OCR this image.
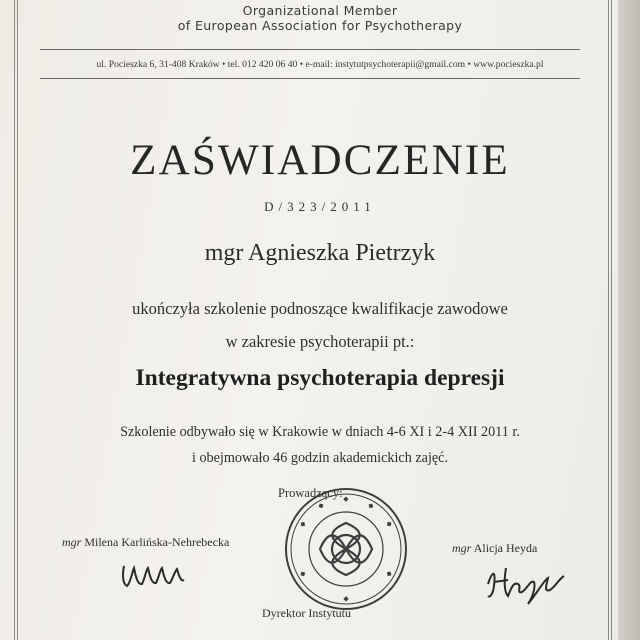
Organizational Member
of European Association for Psychotherapy
ul. Pocieszka 6, 31-408 Kraków • tel. 012 420 06 40 • e-mail: instytutpsychoterapii@gmail.com • www.pocieszka.pl
ZAŚWIADCZENIE
D/323/2011
mgr Agnieszka Pietrzyk
ukończyła szkolenie podnoszące kwalifikacje zawodowe
w zakresie psychoterapii pt.:
Integratywna psychoterapia depresji
Szkolenie odbywało się w Krakowie w dniach 4-6 XI i 2-4 XII 2011 r.
i obejmowało 46 godzin akademickich zajęć.
Prowadzący:
mgr Milena Karlińska-Nehrebecka	mgr Alicja Heyda
◆
◆
◆
◆
◆
◆
◆
◆
Dyrektor Instytutu
